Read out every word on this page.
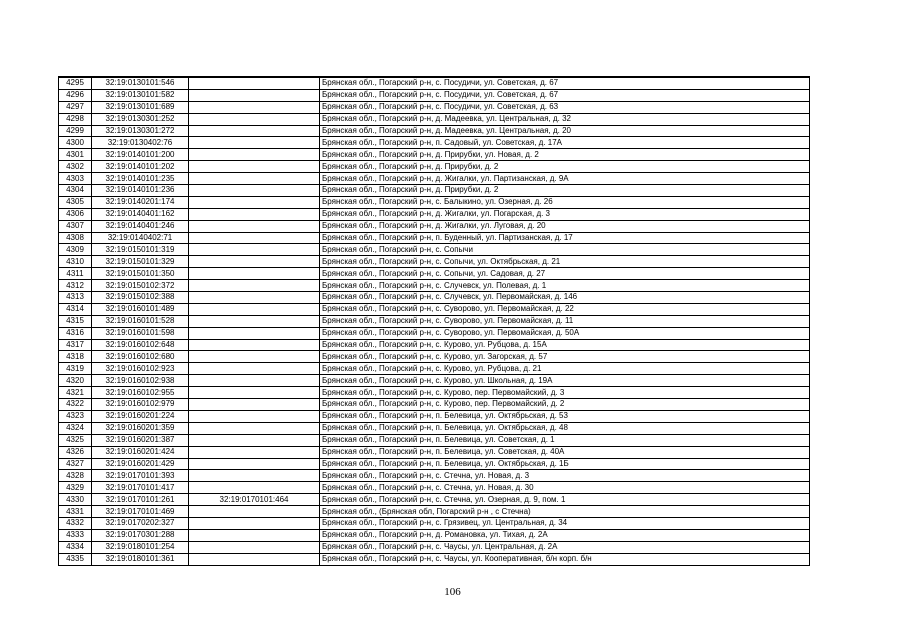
4295	32:19:0130101:546		Брянская обл., Погарский р-н, с. Посудичи, ул. Советская, д. 67
4296	32:19:0130101:582		Брянская обл., Погарский р-н, с. Посудичи, ул. Советская, д. 67
4297	32:19:0130101:689		Брянская обл., Погарский р-н, с. Посудичи, ул. Советская, д. 63
4298	32:19:0130301:252		Брянская обл., Погарский р-н, д. Мадеевка, ул. Центральная, д. 32
4299	32:19:0130301:272		Брянская обл., Погарский р-н, д. Мадеевка, ул. Центральная, д. 20
4300	32:19:0130402:76		Брянская обл., Погарский р-н, п. Садовый, ул. Советская, д. 17А
4301	32:19:0140101:200		Брянская обл., Погарский р-н, д. Прирубки, ул. Новая, д. 2
4302	32:19:0140101:202		Брянская обл., Погарский р-н, д. Прирубки, д. 2
4303	32:19:0140101:235		Брянская обл., Погарский р-н, д. Жигалки, ул. Партизанская, д. 9А
4304	32:19:0140101:236		Брянская обл., Погарский р-н, д. Прирубки, д. 2
4305	32:19:0140201:174		Брянская обл., Погарский р-н, с. Балыкино, ул. Озерная, д. 26
4306	32:19:0140401:162		Брянская обл., Погарский р-н, д. Жигалки, ул. Погарская, д. 3
4307	32:19:0140401:246		Брянская обл., Погарский р-н, д. Жигалки, ул. Луговая, д. 20
4308	32:19:0140402:71		Брянская обл., Погарский р-н, п. Буденный, ул. Партизанская, д. 17
4309	32:19:0150101:319		Брянская обл., Погарский р-н, с. Сопычи
4310	32:19:0150101:329		Брянская обл., Погарский р-н, с. Сопычи, ул. Октябрьская, д. 21
4311	32:19:0150101:350		Брянская обл., Погарский р-н, с. Сопычи, ул. Садовая, д. 27
4312	32:19:0150102:372		Брянская обл., Погарский р-н, с. Случевск, ул. Полевая, д. 1
4313	32:19:0150102:388		Брянская обл., Погарский р-н, с. Случевск, ул. Первомайская, д. 146
4314	32:19:0160101:489		Брянская обл., Погарский р-н, с. Суворово, ул. Первомайская, д. 22
4315	32:19:0160101:528		Брянская обл., Погарский р-н, с. Суворово, ул. Первомайская, д. 11
4316	32:19:0160101:598		Брянская обл., Погарский р-н, с. Суворово, ул. Первомайская, д. 50А
4317	32:19:0160102:648		Брянская обл., Погарский р-н, с. Курово, ул. Рубцова, д. 15А
4318	32:19:0160102:680		Брянская обл., Погарский р-н, с. Курово, ул. Загорская, д. 57
4319	32:19:0160102:923		Брянская обл., Погарский р-н, с. Курово, ул. Рубцова, д. 21
4320	32:19:0160102:938		Брянская обл., Погарский р-н, с. Курово, ул. Школьная, д. 19А
4321	32:19:0160102:955		Брянская обл., Погарский р-н, с. Курово, пер. Первомайский, д. 3
4322	32:19:0160102:979		Брянская обл., Погарский р-н, с. Курово, пер. Первомайский, д. 2
4323	32:19:0160201:224		Брянская обл., Погарский р-н, п. Белевица, ул. Октябрьская, д. 53
4324	32:19:0160201:359		Брянская обл., Погарский р-н, п. Белевица, ул. Октябрьская, д. 48
4325	32:19:0160201:387		Брянская обл., Погарский р-н, п. Белевица, ул. Советская, д. 1
4326	32:19:0160201:424		Брянская обл., Погарский р-н, п. Белевица, ул. Советская, д. 40А
4327	32:19:0160201:429		Брянская обл., Погарский р-н, п. Белевица, ул. Октябрьская, д. 1Б
4328	32:19:0170101:393		Брянская обл., Погарский р-н, с. Стечна, ул. Новая, д. 3
4329	32:19:0170101:417		Брянская обл., Погарский р-н, с. Стечна, ул. Новая, д. 30
4330	32:19:0170101:261	32:19:0170101:464	Брянская обл., Погарский р-н, с. Стечна, ул. Озерная, д. 9, пом. 1
4331	32:19:0170101:469		Брянская обл., (Брянская обл, Погарский р-н , с Стечна)
4332	32:19:0170202:327		Брянская обл., Погарский р-н, с. Грязивец, ул. Центральная, д. 34
4333	32:19:0170301:288		Брянская обл., Погарский р-н, д. Романовка, ул. Тихая, д. 2А
4334	32:19:0180101:254		Брянская обл., Погарский р-н, с. Чаусы, ул. Центральная, д. 2А
4335	32:19:0180101:361		Брянская обл., Погарский р-н, с. Чаусы, ул. Кооперативная, б/н корп. б/н
106
